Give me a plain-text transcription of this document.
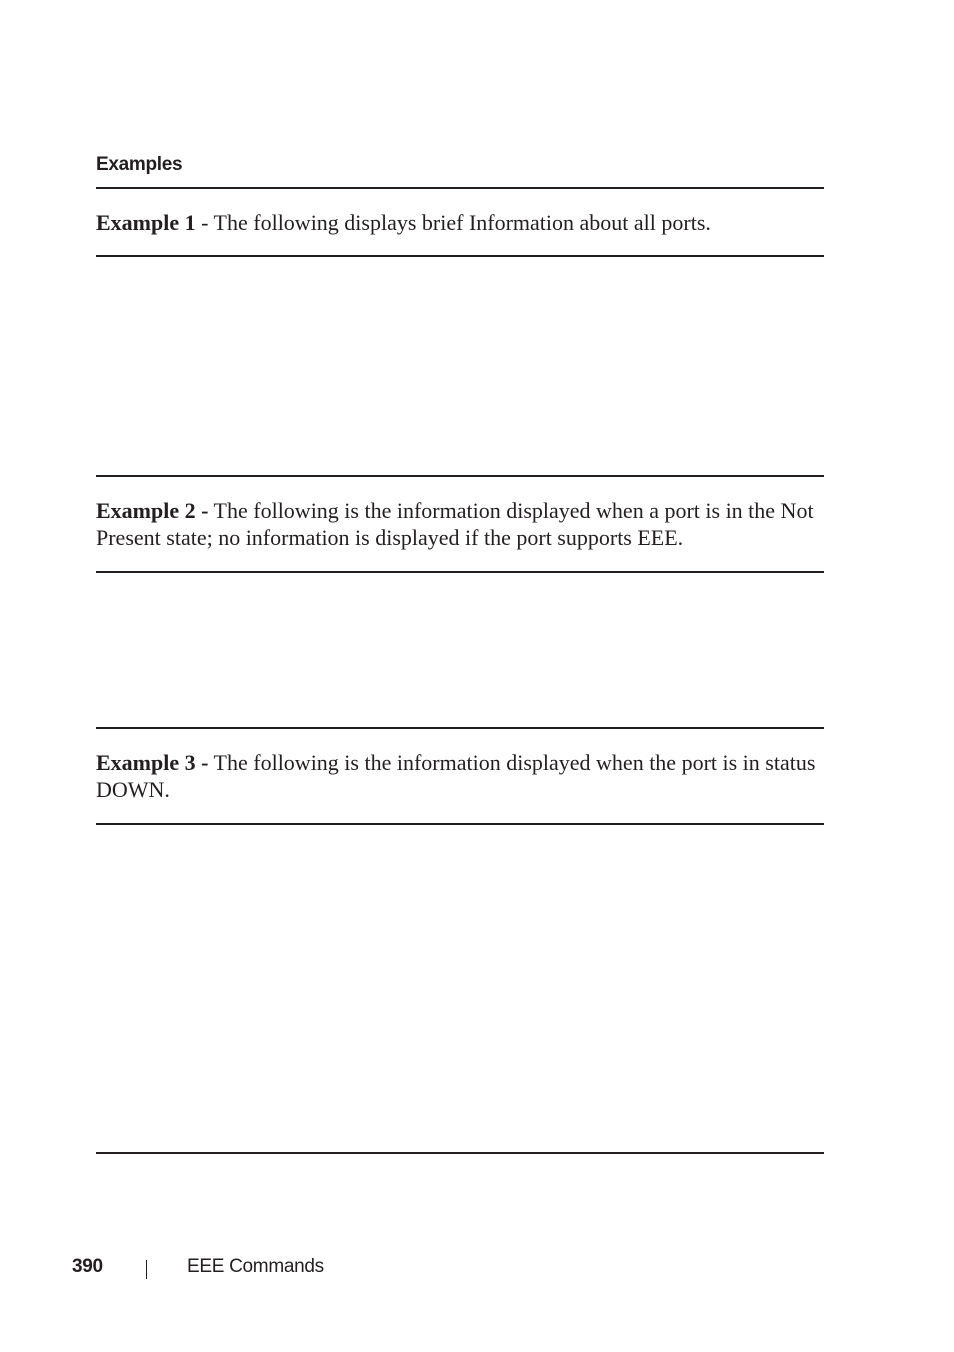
Examples

Example 1 - The following displays brief Information about all ports.

Example 2 - The following is the information displayed when a port is in the Not Present state; no information is displayed if the port supports EEE.

Example 3 - The following is the information displayed when the port is in status DOWN.

390	EEE Commands
